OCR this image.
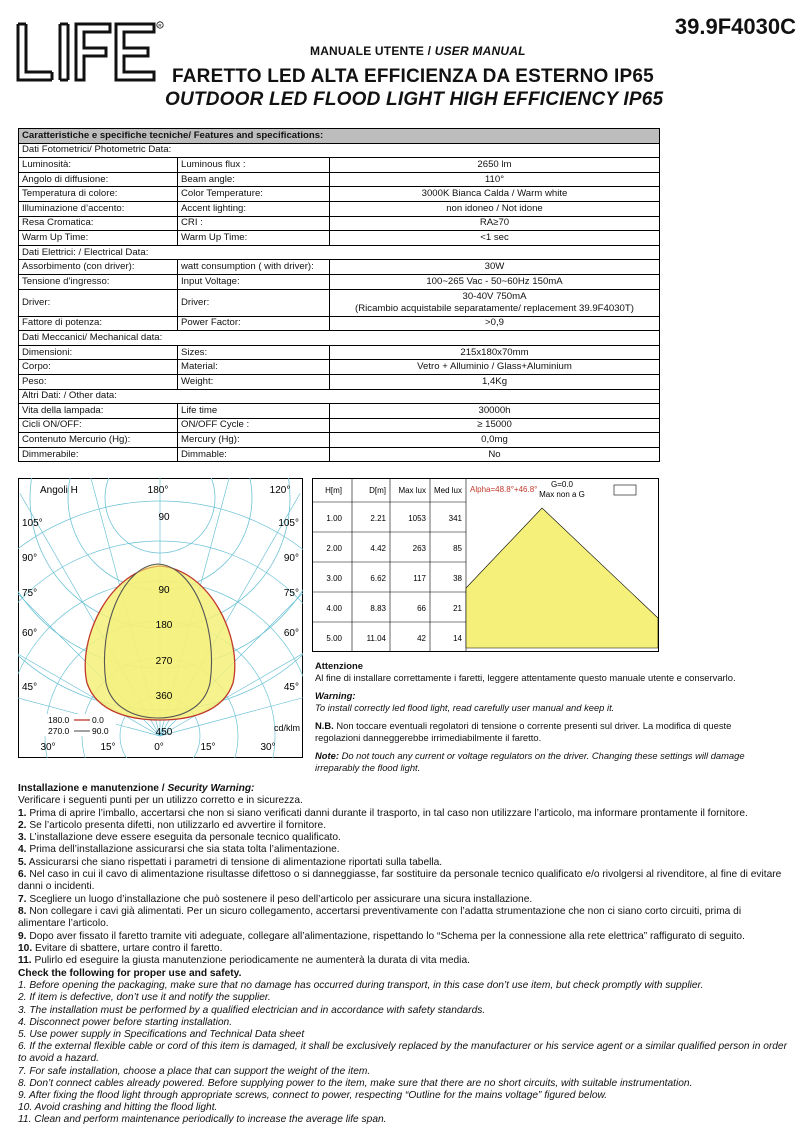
R	39.9F4030C
MANUALE UTENTE / USER MANUAL
FARETTO LED ALTA EFFICIENZA DA ESTERNO IP65
OUTDOOR LED FLOOD LIGHT HIGH EFFICIENCY IP65
Caratteristiche e specifiche tecniche/ Features and specifications:		
Dati Fotometrici/ Photometric Data:		
Luminosità:	Luminous flux :	2650 lm
Angolo di diffusione:	Beam angle:	110°
Temperatura di colore:	Color Temperature:	3000K Bianca Calda / Warm white
Illuminazione d’accento:	Accent lighting:	non idoneo / Not idone
Resa Cromatica:	CRI :	RA≥70
Warm Up Time:	Warm Up Time:	<1 sec
Dati Elettrici: / Electrical Data:		
Assorbimento (con driver):	watt consumption ( with driver):	30W
Tensione d’ingresso:	Input Voltage:	100~265 Vac - 50~60Hz 150mA
Driver:	Driver:	30-40V 750mA
(Ricambio acquistabile separatamente/ replacement 39.9F4030T)

Fattore di potenza:	Power Factor:	>0,9
Dati Meccanici/ Mechanical data:		
Dimensioni:	Sizes:	215x180x70mm
Corpo:	Material:	Vetro + Alluminio / Glass+Aluminium
Peso:	Weight:	1,4Kg
Altri Dati: / Other data:		
Vita della lampada:	Life time	30000h
Cicli ON/OFF:	ON/OFF Cycle :	≥ 15000
Contenuto Mercurio (Hg):	Mercury (Hg):	0,0mg
Dimmerabile:	Dimmable:	No
Angoli H	180°	120°
105°	105°
90°	90°
75°	75°
60°	60°
45°	45°
30°	15°	0°	15°	30°
90
90
180
270
360
450	cd/klm
180.0	0.0
270.0	90.0
H[m]	D[m] Max lux Med lux
1.00	2.21	1053	341
2.00	4.42	263	85
3.00	6.62	117	38
4.00	8.83	66	21
5.00	11.04	42	14
Alpha=48.8°+46.8°
G=0.0
Max non a G

Attenzione
Al fine di installare correttamente i faretti, leggere attentamente questo manuale utente e conservarlo.

Warning:
To install correctly led flood light, read carefully user manual and keep it.

N.B. Non toccare eventuali regolatori di tensione o corrente presenti sul driver. La modifica di queste regolazioni danneggerebbe irrimediabilmente il faretto.

Note: Do not touch any current or voltage regulators on the driver. Changing these settings will damage irreparably the flood light.

Installazione e manutenzione / Security Warning:

Verificare i seguenti punti per un utilizzo corretto e in sicurezza.

1. Prima di aprire l’imballo, accertarsi che non si siano verificati danni durante il trasporto, in tal caso non utilizzare l’articolo, ma informare prontamente il fornitore.

2. Se l’articolo presenta difetti, non utilizzarlo ed avvertire il fornitore.

3. L’installazione deve essere eseguita da personale tecnico qualificato.

4. Prima dell’installazione assicurarsi che sia stata tolta l’alimentazione.

5. Assicurarsi che siano rispettati i parametri di tensione di alimentazione riportati sulla tabella.

6. Nel caso in cui il cavo di alimentazione risultasse difettoso o si danneggiasse, far sostituire da personale tecnico qualificato e/o rivolgersi al rivenditore, al fine di evitare danni o incidenti.

7. Scegliere un luogo d’installazione che può sostenere il peso dell’articolo per assicurare una sicura installazione.

8. Non collegare i cavi già alimentati. Per un sicuro collegamento, accertarsi preventivamente con l’adatta strumentazione che non ci siano corto circuiti, prima di alimentare l’articolo.

9. Dopo aver fissato il faretto tramite viti adeguate, collegare all’alimentazione, rispettando lo “Schema per la connessione alla rete elettrica” raffigurato di seguito.

10. Evitare di sbattere, urtare contro il faretto.

11. Pulirlo ed eseguire la giusta manutenzione periodicamente ne aumenterà la durata di vita media.

Check the following for proper use and safety.

1. Before opening the packaging, make sure that no damage has occurred during transport, in this case don’t use item, but check promptly with supplier.

2. If item is defective, don’t use it and notify the supplier.

3. The installation must be performed by a qualified electrician and in accordance with safety standards.

4. Disconnect power before starting installation.

5. Use power supply in Specifications and Technical Data sheet

6. If the external flexible cable or cord of this item is damaged, it shall be exclusively replaced by the manufacturer or his service agent or a similar qualified person in order to avoid a hazard.

7. For safe installation, choose a place that can support the weight of the item.

8. Don’t connect cables already powered. Before supplying power to the item, make sure that there are no short circuits, with suitable instrumentation.

9. After fixing the flood light through appropriate screws, connect to power, respecting “Outline for the mains voltage” figured below.

10. Avoid crashing and hitting the flood light.

11. Clean and perform maintenance periodically to increase the average life span.
